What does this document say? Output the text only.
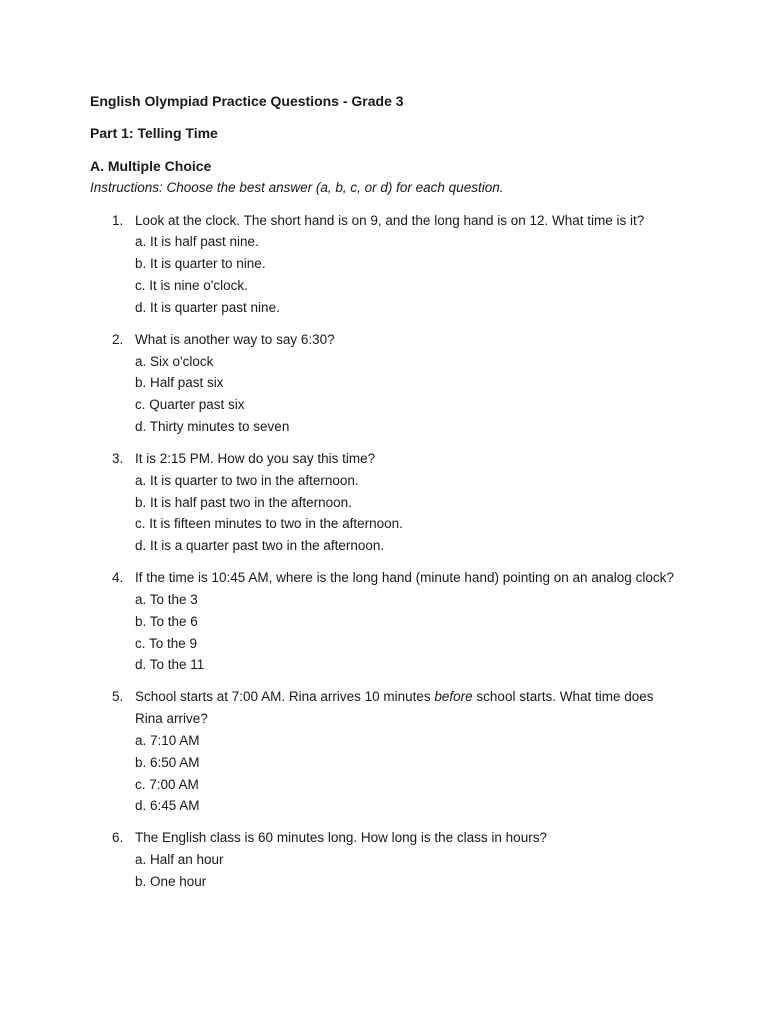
English Olympiad Practice Questions - Grade 3

Part 1: Telling Time

A. Multiple Choice

Instructions: Choose the best answer (a, b, c, or d) for each question.

1. Look at the clock. The short hand is on 9, and the long hand is on 12. What time is it?
a. It is half past nine.
b. It is quarter to nine.
c. It is nine o'clock.
d. It is quarter past nine.
2. What is another way to say 6:30?
a. Six o'clock
b. Half past six
c. Quarter past six
d. Thirty minutes to seven
3. It is 2:15 PM. How do you say this time?
a. It is quarter to two in the afternoon.
b. It is half past two in the afternoon.
c. It is fifteen minutes to two in the afternoon.
d. It is a quarter past two in the afternoon.
4. If the time is 10:45 AM, where is the long hand (minute hand) pointing on an analog clock?
a. To the 3
b. To the 6
c. To the 9
d. To the 11
5. School starts at 7:00 AM. Rina arrives 10 minutes before school starts. What time does Rina arrive?
a. 7:10 AM
b. 6:50 AM
c. 7:00 AM
d. 6:45 AM
6. The English class is 60 minutes long. How long is the class in hours?
a. Half an hour
b. One hour
